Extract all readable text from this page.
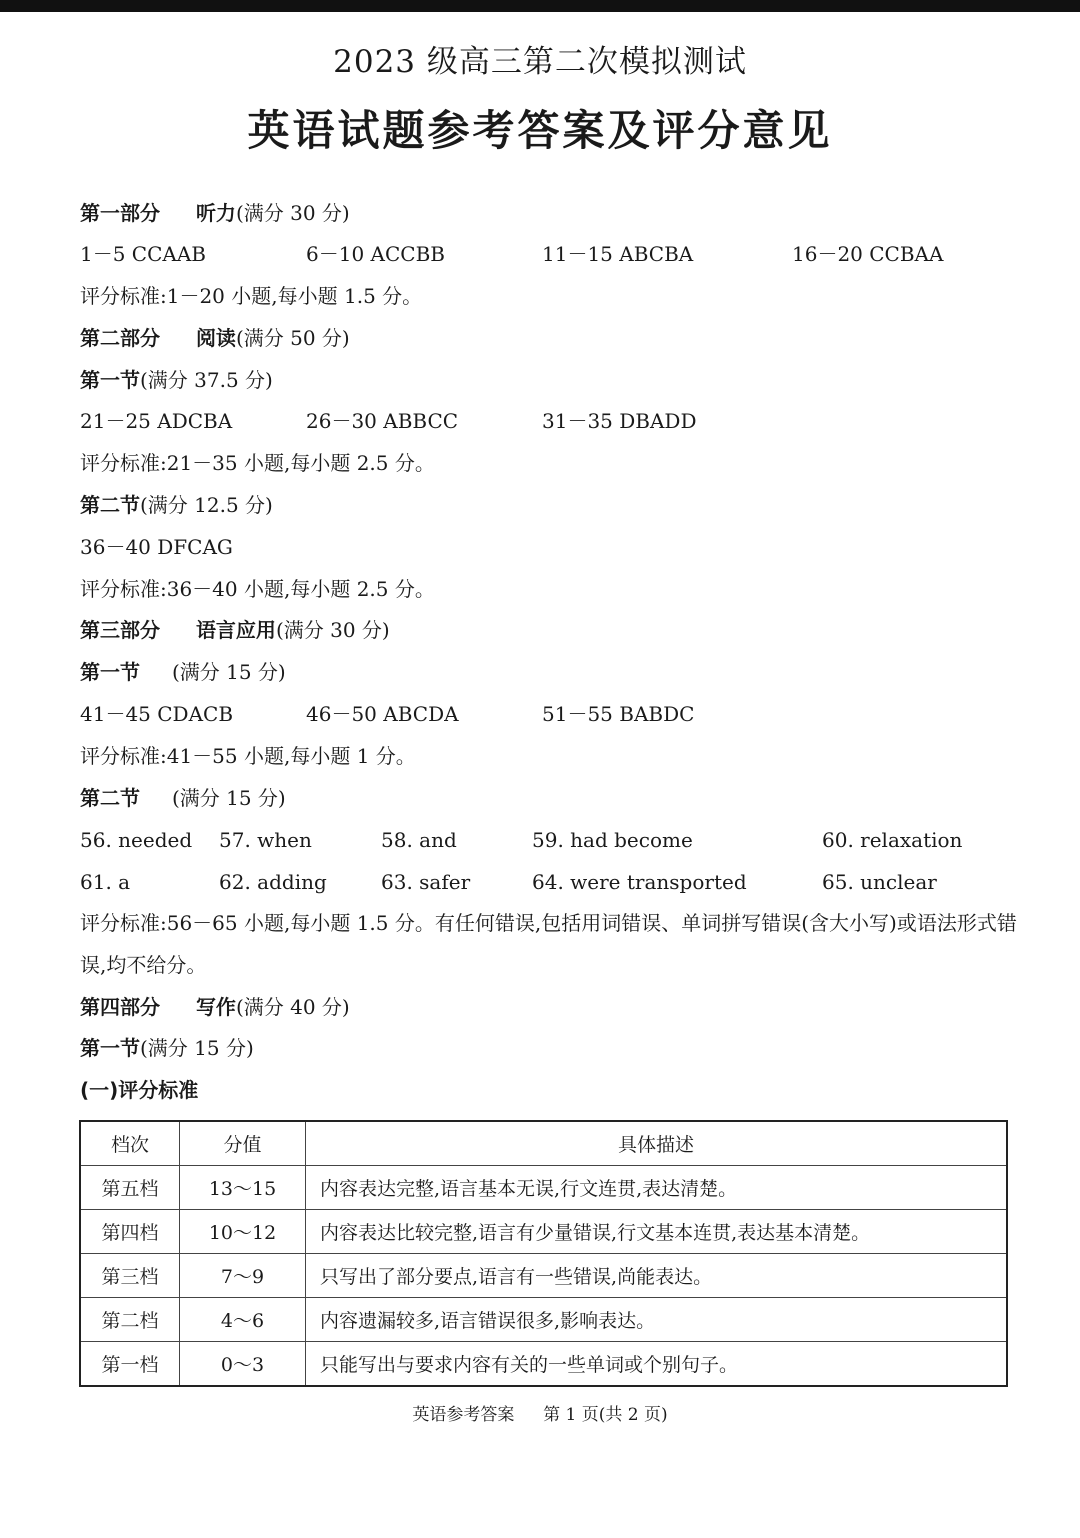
2023 级高三第二次模拟测试
英语试题参考答案及评分意见
第一部分 听力(满分 30 分)
1－5 CCAAB	6－10 ACCBB	11－15 ABCBA	16－20 CCBAA
评分标准:1－20 小题,每小题 1.5 分。
第二部分 阅读(满分 50 分)
第一节(满分 37.5 分)
21－25 ADCBA	26－30 ABBCC	31－35 DBADD
评分标准:21－35 小题,每小题 2.5 分。
第二节(满分 12.5 分)
36－40 DFCAG
评分标准:36－40 小题,每小题 2.5 分。
第三部分 语言应用(满分 30 分)
第一节 (满分 15 分)
41－45 CDACB	46－50 ABCDA	51－55 BABDC
评分标准:41－55 小题,每小题 1 分。
第二节 (满分 15 分)
56. needed 57. when	58. and	59. had become	60. relaxation
61. a	62. adding	63. safer	64. were transported	65. unclear
评分标准:56－65 小题,每小题 1.5 分。有任何错误,包括用词错误、单词拼写错误(含大小写)或语法形式错误,均不给分。
第四部分 写作(满分 40 分)
第一节(满分 15 分)
(一)评分标准
档次	分值	具体描述
第五档	13～15	内容表达完整,语言基本无误,行文连贯,表达清楚。
第四档	10～12	内容表达比较完整,语言有少量错误,行文基本连贯,表达基本清楚。
第三档	7～9	只写出了部分要点,语言有一些错误,尚能表达。
第二档	4～6	内容遗漏较多,语言错误很多,影响表达。
第一档	0～3	只能写出与要求内容有关的一些单词或个别句子。
英语参考答案 第 1 页(共 2 页)
